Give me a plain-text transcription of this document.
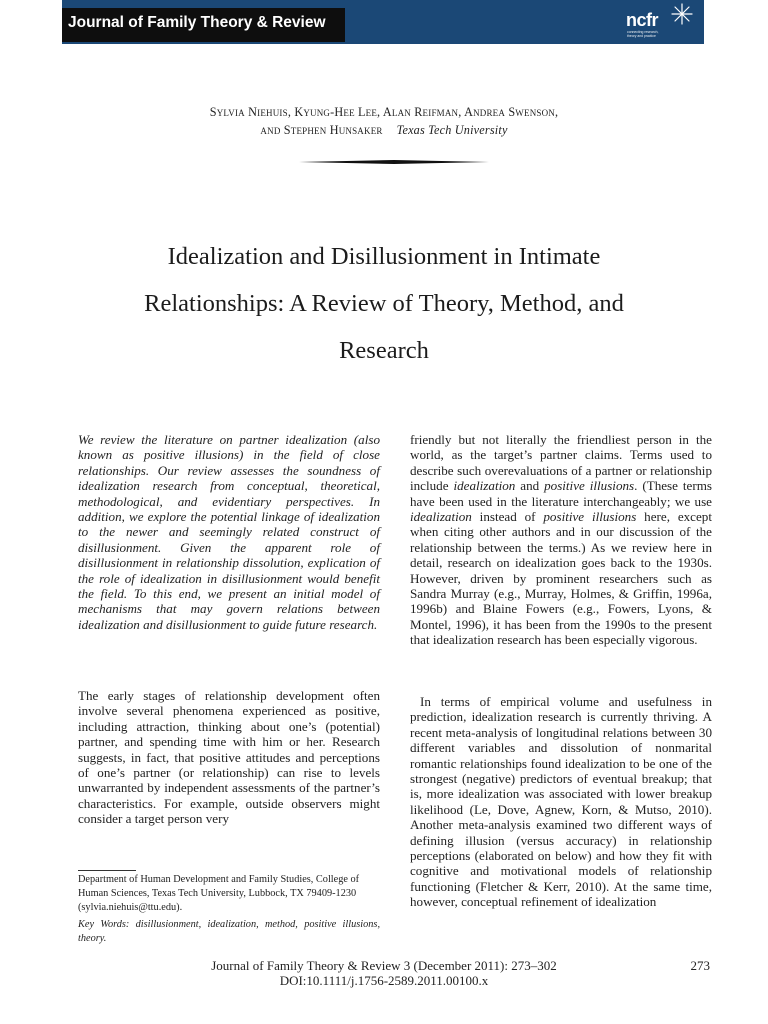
Journal of Family Theory & Review	ncfr
connecting research, theory and practice
Sylvia Niehuis, Kyung-Hee Lee, Alan Reifman, Andrea Swenson,
and Stephen Hunsaker Texas Tech University
Idealization and Disillusionment in Intimate Relationships: A Review of Theory, Method, and Research
We review the literature on partner idealization (also known as positive illusions) in the field of close relationships. Our review assesses the soundness of idealization research from conceptual, theoretical, methodological, and evidentiary perspectives. In addition, we explore the potential linkage of idealization to the newer and seemingly related construct of disillusionment. Given the apparent role of disillusionment in relationship dissolution, explication of the role of idealization in disillusionment would benefit the field. To this end, we present an initial model of mechanisms that may govern relations between idealization and disillusionment to guide future research.
The early stages of relationship development often involve several phenomena experienced as positive, including attraction, thinking about one’s (potential) partner, and spending time with him or her. Research suggests, in fact, that positive attitudes and perceptions of one’s partner (or relationship) can rise to levels unwarranted by independent assessments of the partner’s characteristics. For example, outside observers might consider a target person very
friendly but not literally the friendliest person in the world, as the target’s partner claims. Terms used to describe such overevaluations of a partner or relationship include idealization and positive illusions. (These terms have been used in the literature interchangeably; we use idealization instead of positive illusions here, except when citing other authors and in our discussion of the relationship between the terms.) As we review here in detail, research on idealization goes back to the 1930s. However, driven by prominent researchers such as Sandra Murray (e.g., Murray, Holmes, & Griffin, 1996a, 1996b) and Blaine Fowers (e.g., Fowers, Lyons, & Montel, 1996), it has been from the 1990s to the present that idealization research has been especially vigorous.
In terms of empirical volume and usefulness in prediction, idealization research is currently thriving. A recent meta-analysis of longitudinal relations between 30 different variables and dissolution of nonmarital romantic relationships found idealization to be one of the strongest (negative) predictors of eventual breakup; that is, more idealization was associated with lower breakup likelihood (Le, Dove, Agnew, Korn, & Mutso, 2010). Another meta-analysis examined two different ways of defining illusion (versus accuracy) in relationship perceptions (elaborated on below) and how they fit with cognitive and motivational models of relationship functioning (Fletcher & Kerr, 2010). At the same time, however, conceptual refinement of idealization
Department of Human Development and Family Studies, College of Human Sciences, Texas Tech University, Lubbock, TX 79409-1230 (sylvia.niehuis@ttu.edu).
Key Words: disillusionment, idealization, method, positive illusions, theory.
Journal of Family Theory & Review 3 (December 2011): 273–302
DOI:10.1111/j.1756-2589.2011.00100.x
273
